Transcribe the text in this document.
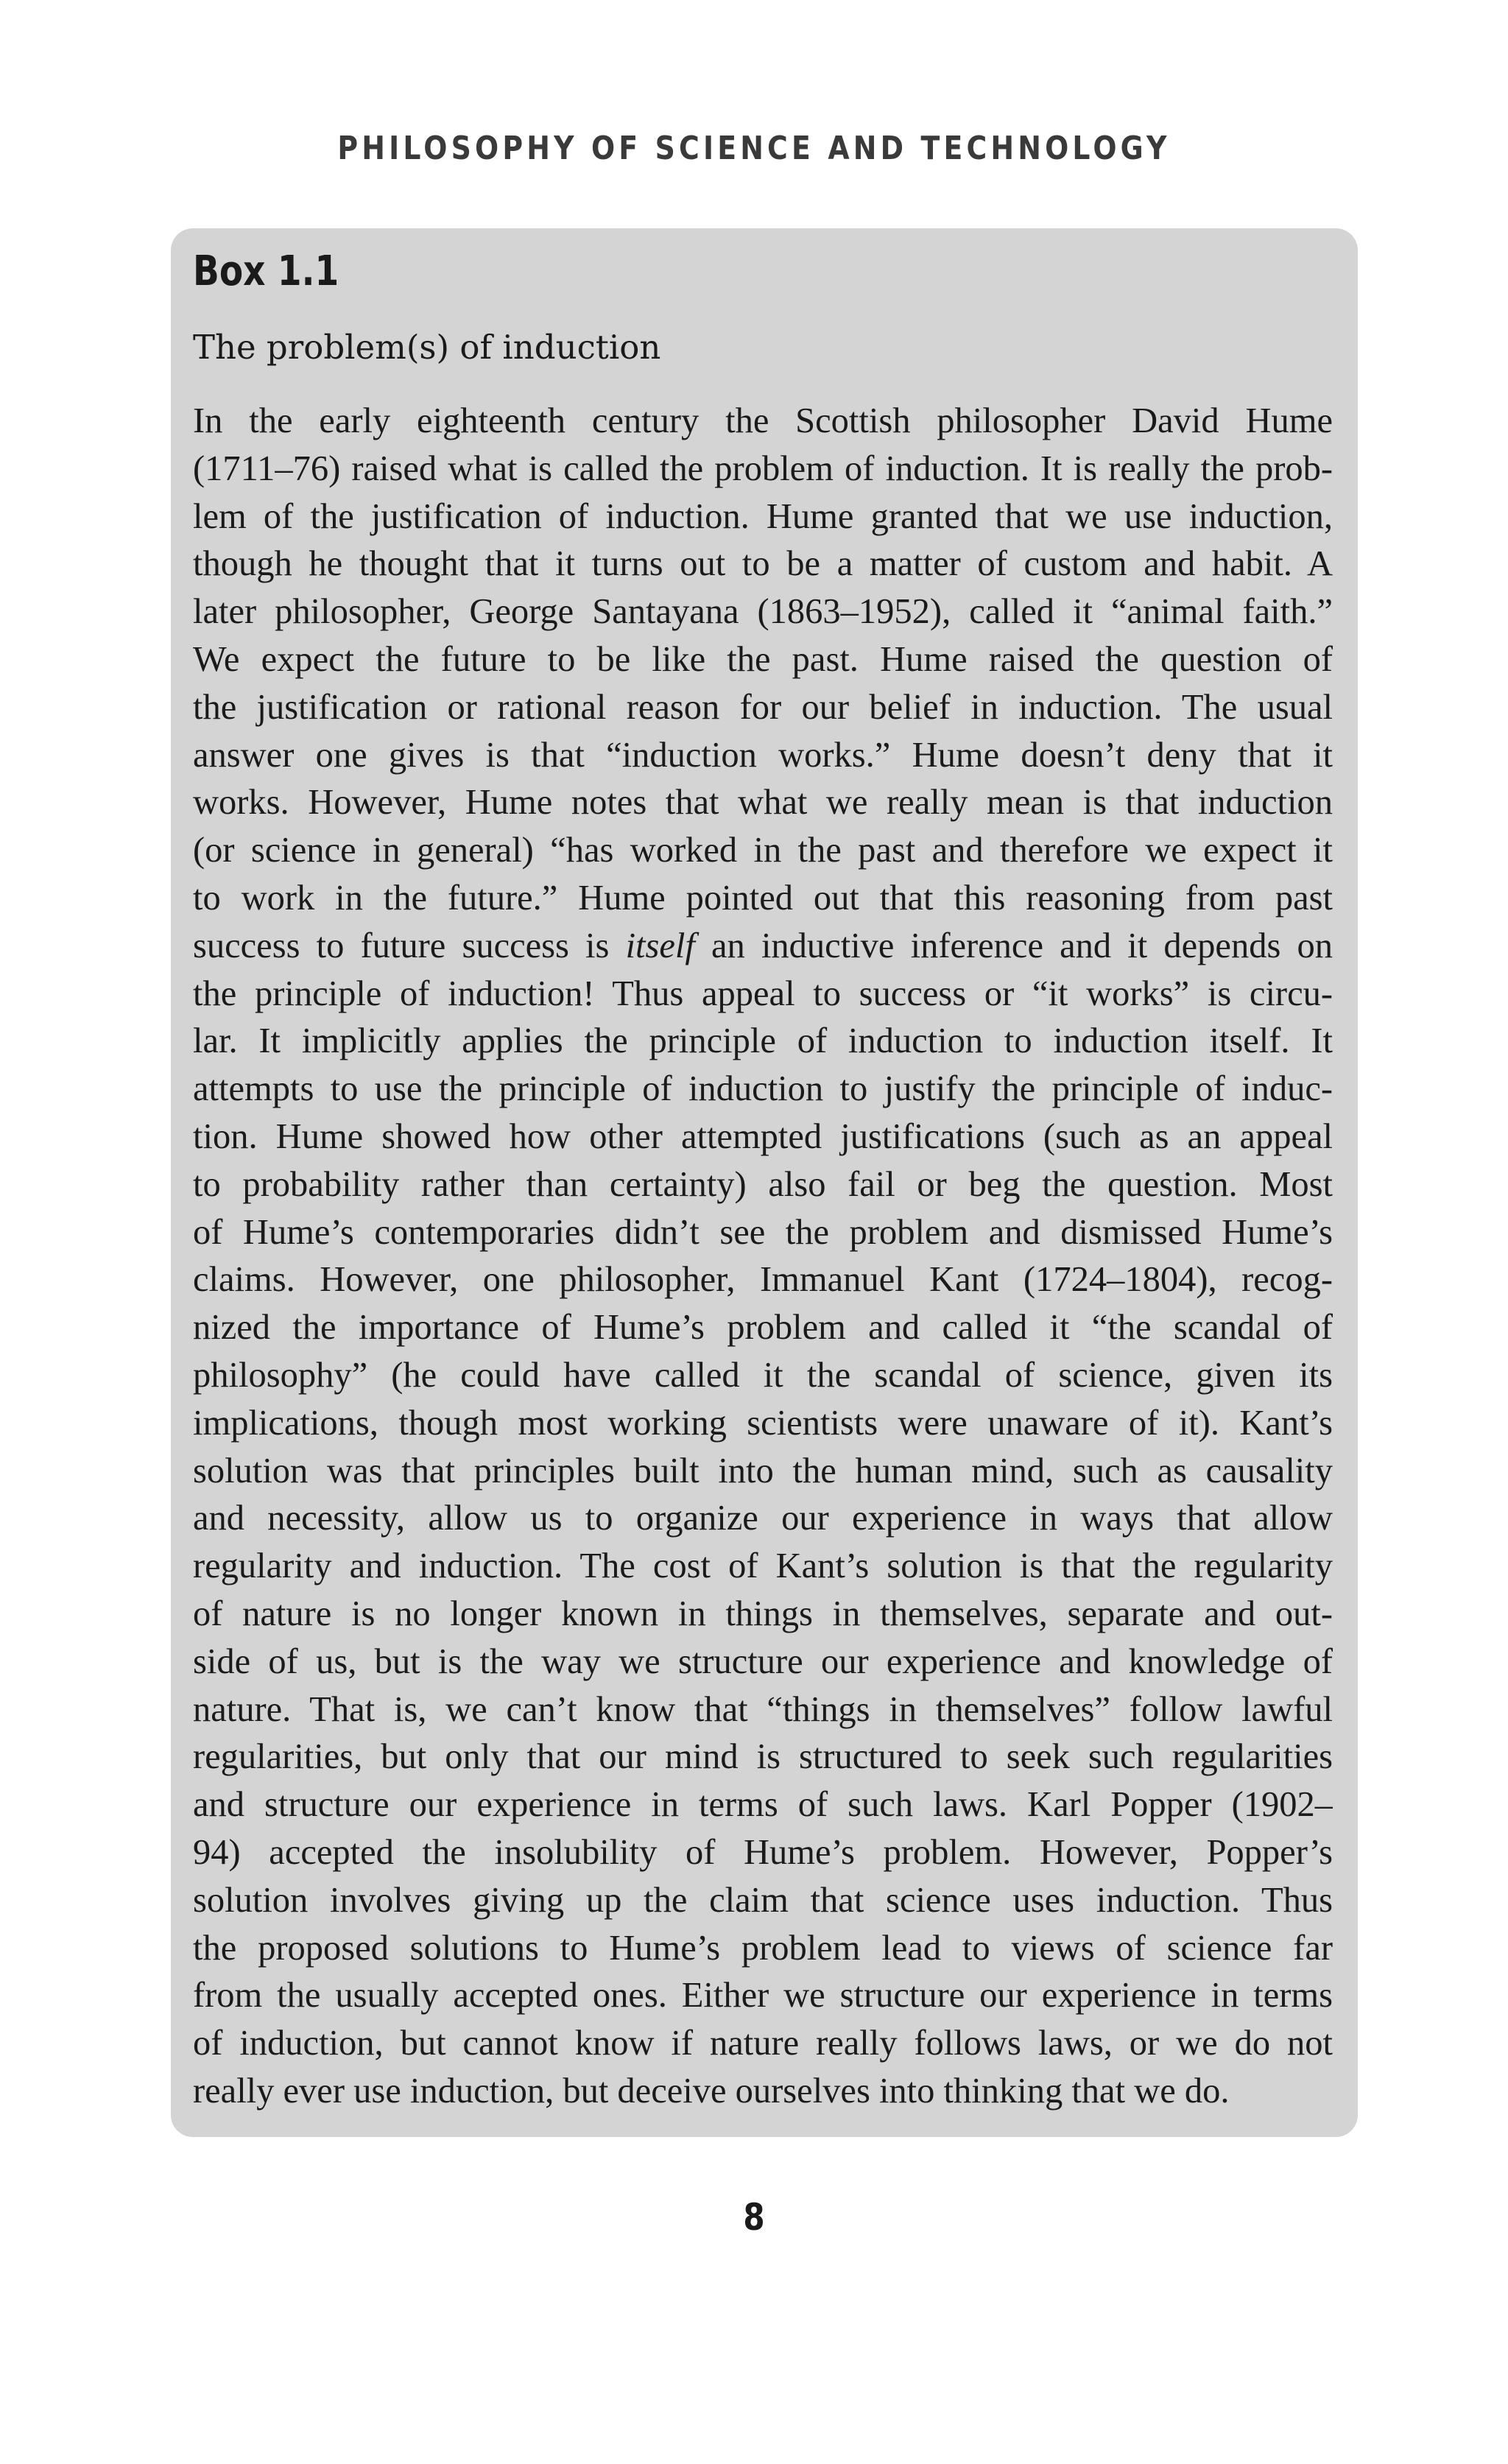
PHILOSOPHY OF SCIENCE AND TECHNOLOGY
Box 1.1
The problem(s) of induction
In the early eighteenth century the Scottish philosopher David Hume
(1711–76) raised what is called the problem of induction. It is really the prob-
lem of the justification of induction. Hume granted that we use induction,
though he thought that it turns out to be a matter of custom and habit. A
later philosopher, George Santayana (1863–1952), called it “animal faith.”
We expect the future to be like the past. Hume raised the question of
the justification or rational reason for our belief in induction. The usual
answer one gives is that “induction works.” Hume doesn’t deny that it
works. However, Hume notes that what we really mean is that induction
(or science in general) “has worked in the past and therefore we expect it
to work in the future.” Hume pointed out that this reasoning from past
success to future success is itself an inductive inference and it depends on
the principle of induction! Thus appeal to success or “it works” is circu-
lar. It implicitly applies the principle of induction to induction itself. It
attempts to use the principle of induction to justify the principle of induc-
tion. Hume showed how other attempted justifications (such as an appeal
to probability rather than certainty) also fail or beg the question. Most
of Hume’s contemporaries didn’t see the problem and dismissed Hume’s
claims. However, one philosopher, Immanuel Kant (1724–1804), recog-
nized the importance of Hume’s problem and called it “the scandal of
philosophy” (he could have called it the scandal of science, given its
implications, though most working scientists were unaware of it). Kant’s
solution was that principles built into the human mind, such as causality
and necessity, allow us to organize our experience in ways that allow
regularity and induction. The cost of Kant’s solution is that the regularity
of nature is no longer known in things in themselves, separate and out-
side of us, but is the way we structure our experience and knowledge of
nature. That is, we can’t know that “things in themselves” follow lawful
regularities, but only that our mind is structured to seek such regularities
and structure our experience in terms of such laws. Karl Popper (1902–
94) accepted the insolubility of Hume’s problem. However, Popper’s
solution involves giving up the claim that science uses induction. Thus
the proposed solutions to Hume’s problem lead to views of science far
from the usually accepted ones. Either we structure our experience in terms
of induction, but cannot know if nature really follows laws, or we do not
really ever use induction, but deceive ourselves into thinking that we do.
8
